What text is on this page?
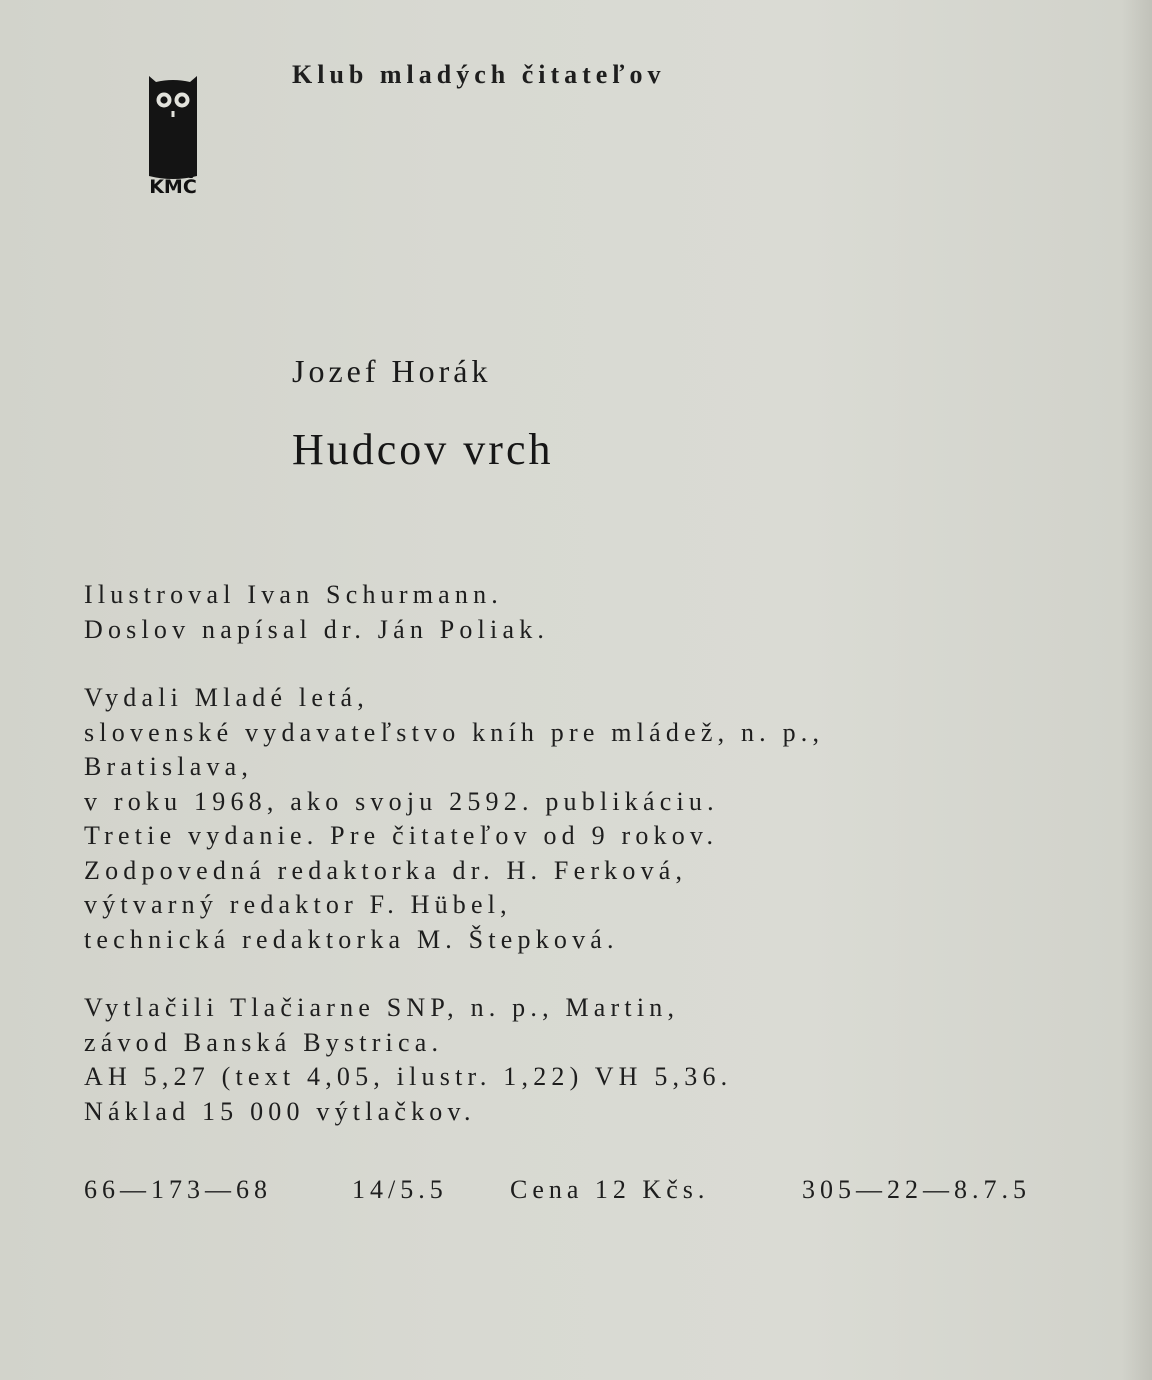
KMČ
Klub mladých čitateľov
Jozef Horák
Hudcov vrch
Ilustroval Ivan Schurmann.
Doslov napísal dr. Ján Poliak.
Vydali Mladé letá,
slovenské vydavateľstvo kníh pre mládež, n. p.,
Bratislava,
v roku 1968, ako svoju 2592. publikáciu.
Tretie vydanie. Pre čitateľov od 9 rokov.
Zodpovedná redaktorka dr. H. Ferková,
výtvarný redaktor F. Hübel,
technická redaktorka M. Štepková.
Vytlačili Tlačiarne SNP, n. p., Martin,
závod Banská Bystrica.
AH 5,27 (text 4,05, ilustr. 1,22) VH 5,36.
Náklad 15 000 výtlačkov.
66—173—68	14/5.5 Cena 12 Kčs.	305—22—8.7.5
